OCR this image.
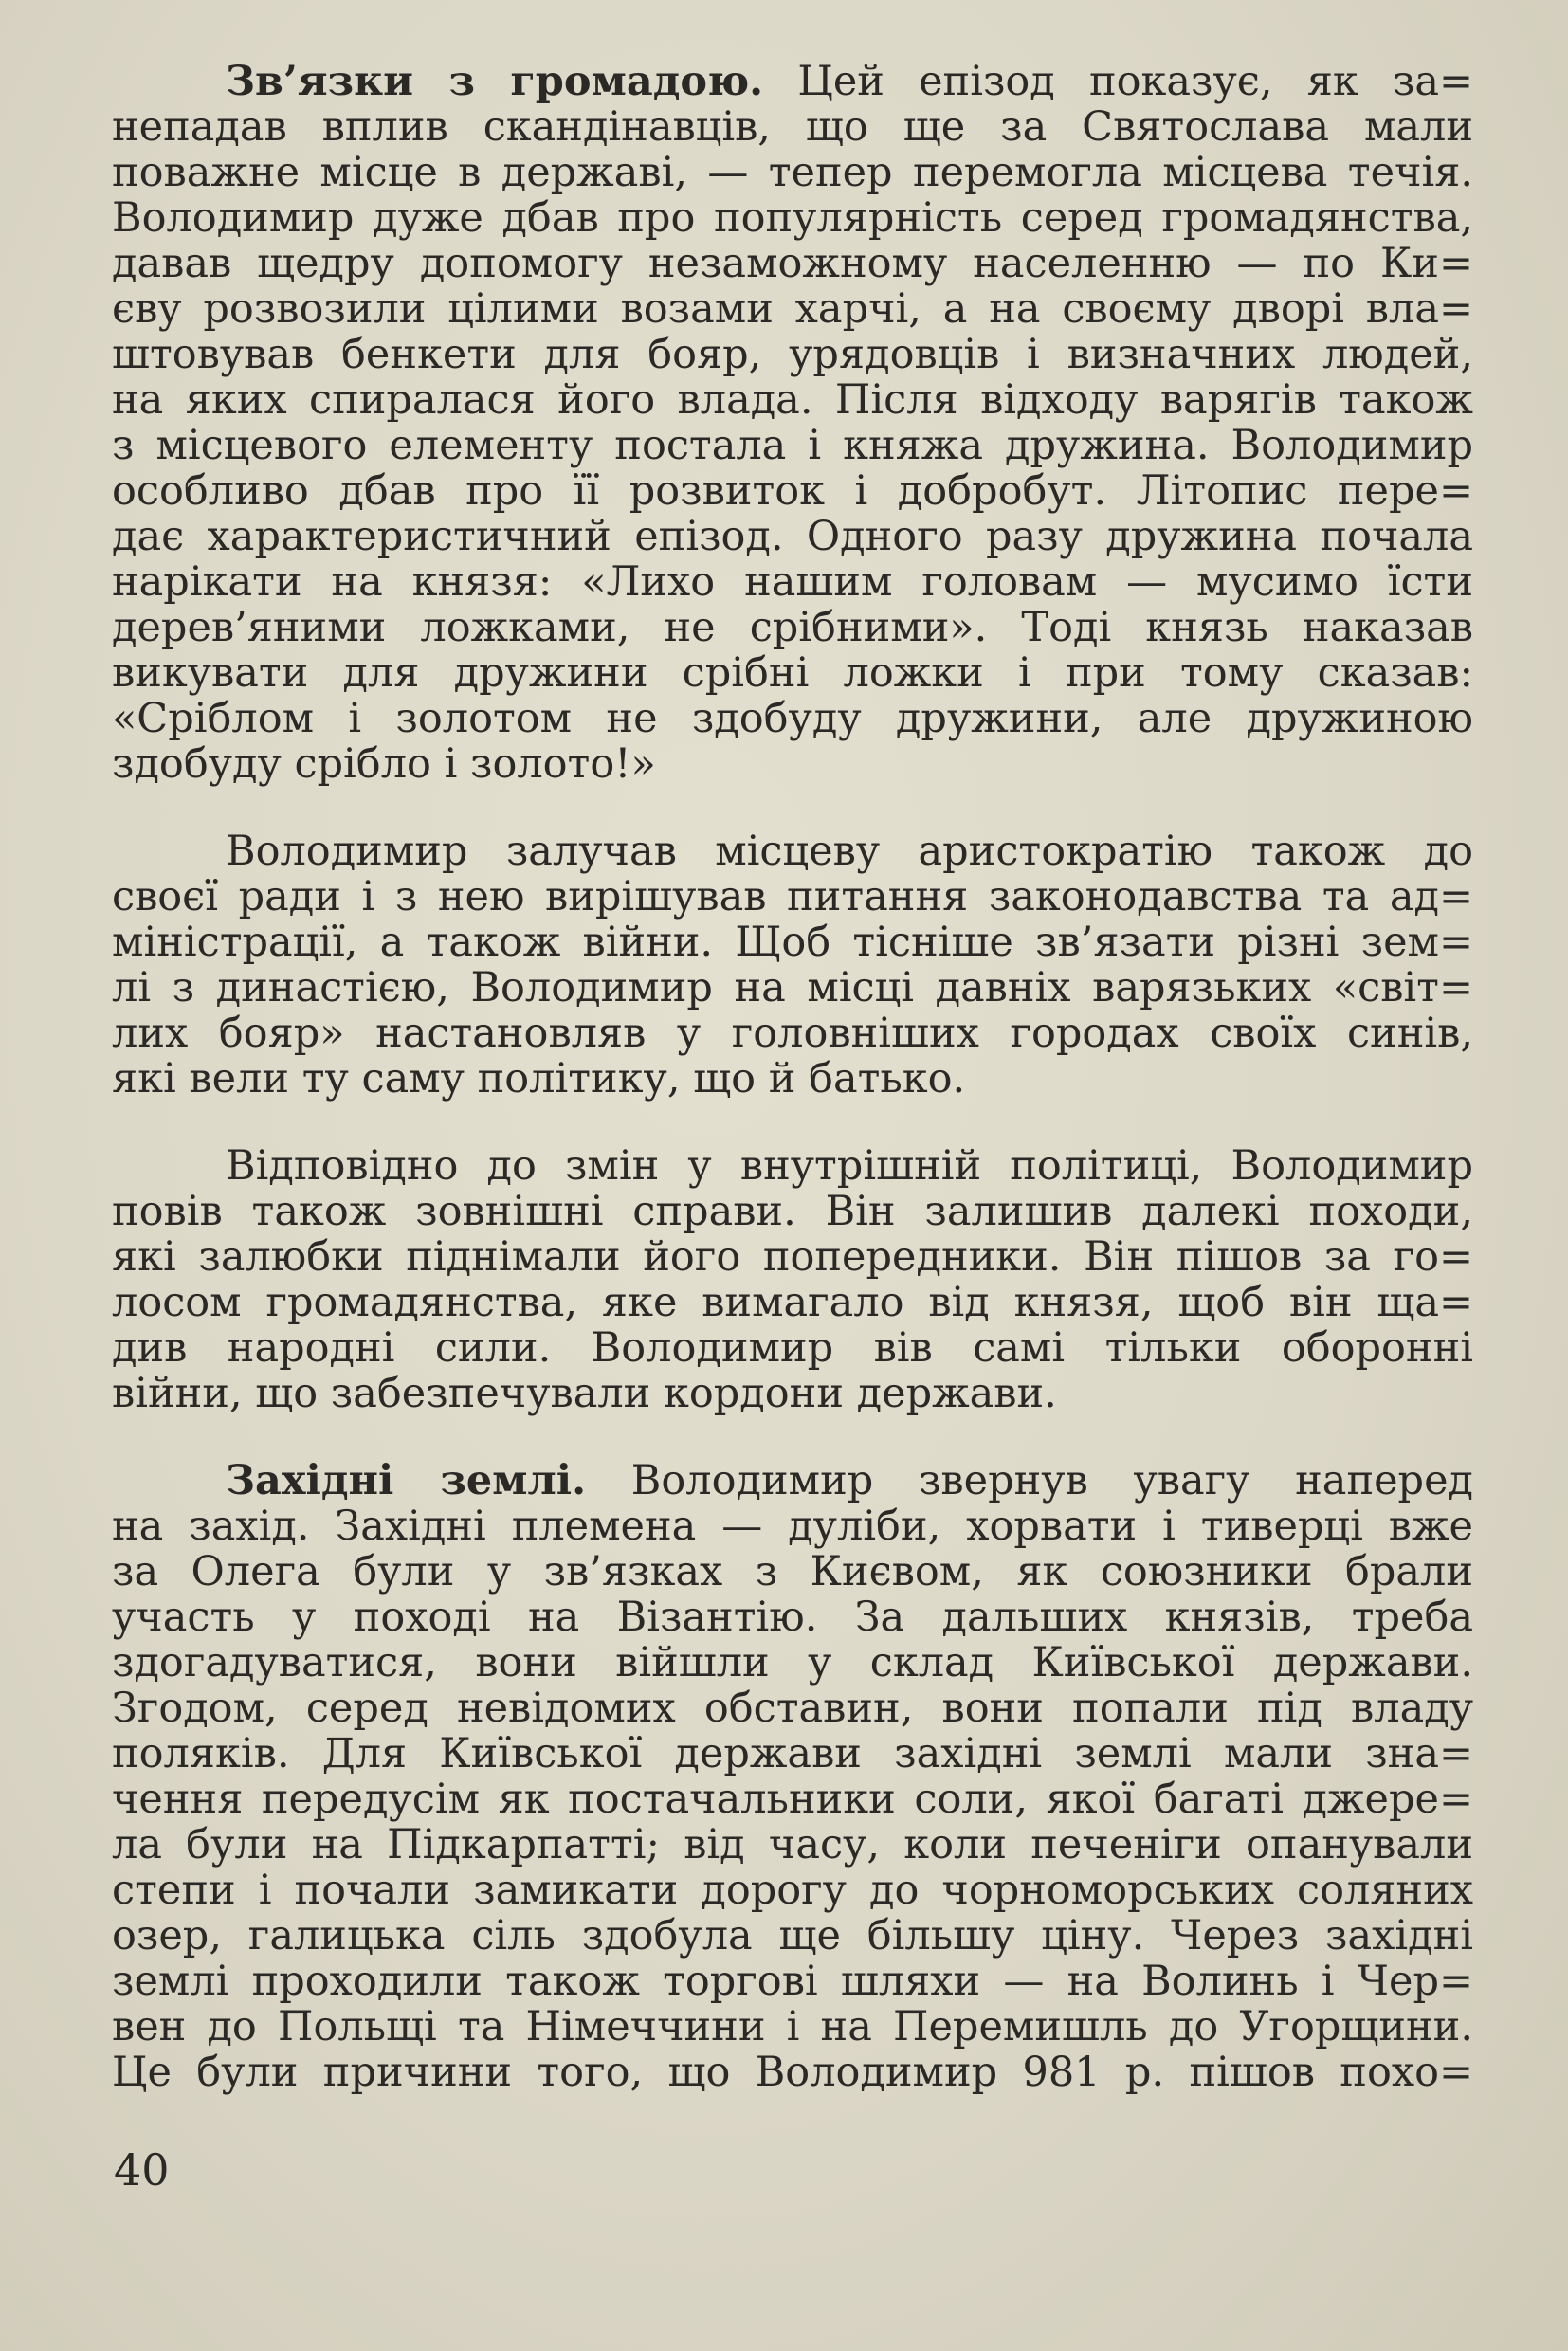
Зв’язки з громадою. Цей епізод показує, як за=
непадав вплив скандінавців, що ще за Святослава мали
поважне місце в державі, — тепер перемогла місцева течія.
Володимир дуже дбав про популярність серед громадянства,
давав щедру допомогу незаможному населенню — по Ки=
єву розвозили цілими возами харчі, а на своєму дворі вла=
штовував бенкети для бояр, урядовців і визначних людей,
на яких спиралася його влада. Після відходу варягів також
з місцевого елементу постала і княжа дружина. Володимир
особливо дбав про її розвиток і добробут. Літопис пере=
дає характеристичний епізод. Одного разу дружина почала
нарікати на князя: «Лихо нашим головам — мусимо їсти
дерев’яними ложками, не срібними». Тоді князь наказав
викувати для дружини срібні ложки і при тому сказав:
«Сріблом і золотом не здобуду дружини, але дружиною
здобуду срібло і золото!»
Володимир залучав місцеву аристократію також до
своєї ради і з нею вирішував питання законодавства та ад=
міністрації, а також війни. Щоб тісніше зв’язати різні зем=
лі з династією, Володимир на місці давніх варязьких «світ=
лих бояр» настановляв у головніших городах своїх синів,
які вели ту саму політику, що й батько.
Відповідно до змін у внутрішній політиці, Володимир
повів також зовнішні справи. Він залишив далекі походи,
які залюбки піднімали його попередники. Він пішов за го=
лосом громадянства, яке вимагало від князя, щоб він ща=
див народні сили. Володимир вів самі тільки оборонні
війни, що забезпечували кордони держави.
Західні землі. Володимир звернув увагу наперед
на захід. Західні племена — дуліби, хорвати і тиверці вже
за Олега були у зв’язках з Києвом, як союзники брали
участь у поході на Візантію. За дальших князів, треба
здогадуватися, вони війшли у склад Київської держави.
Згодом, серед невідомих обставин, вони попали під владу
поляків. Для Київської держави західні землі мали зна=
чення передусім як постачальники соли, якої багаті джере=
ла були на Підкарпатті; від часу, коли печеніги опанували
степи і почали замикати дорогу до чорноморських соляних
озер, галицька сіль здобула ще більшу ціну. Через західні
землі проходили також торгові шляхи — на Волинь і Чер=
вен до Польщі та Німеччини і на Перемишль до Угорщини.
Це були причини того, що Володимир 981 р. пішов похо=
40
